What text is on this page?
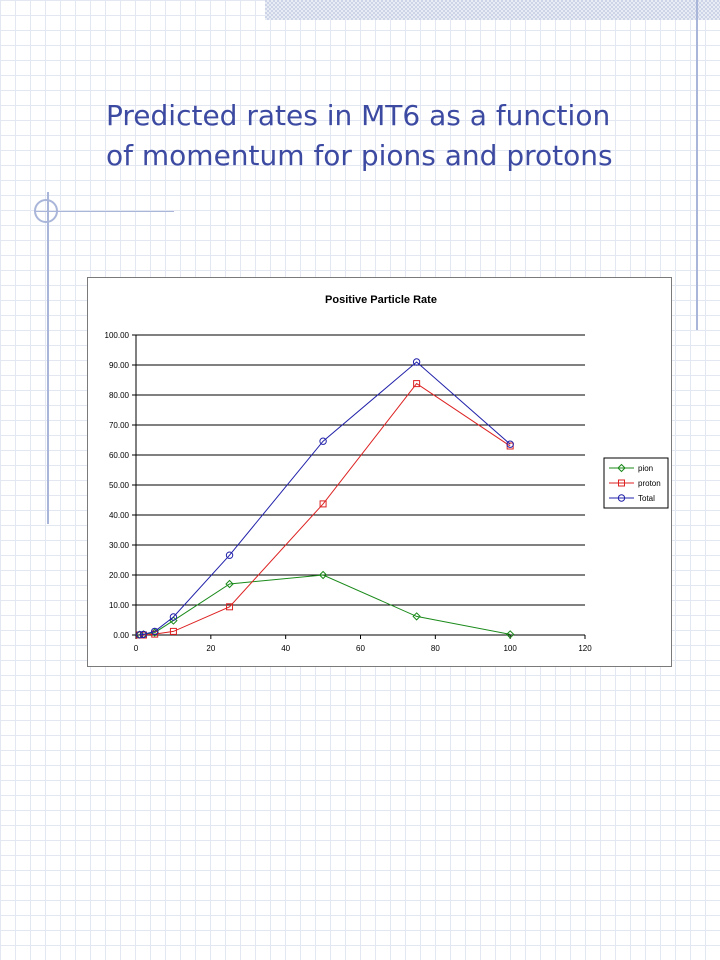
Predicted rates in MT6 as a function
of momentum for pions and protons
Positive Particle Rate
0.00
10.00
20.00
30.00
40.00
50.00
60.00
70.00
80.00
90.00
100.00
0	20	40	60	80	100	120
pion
proton
Total
